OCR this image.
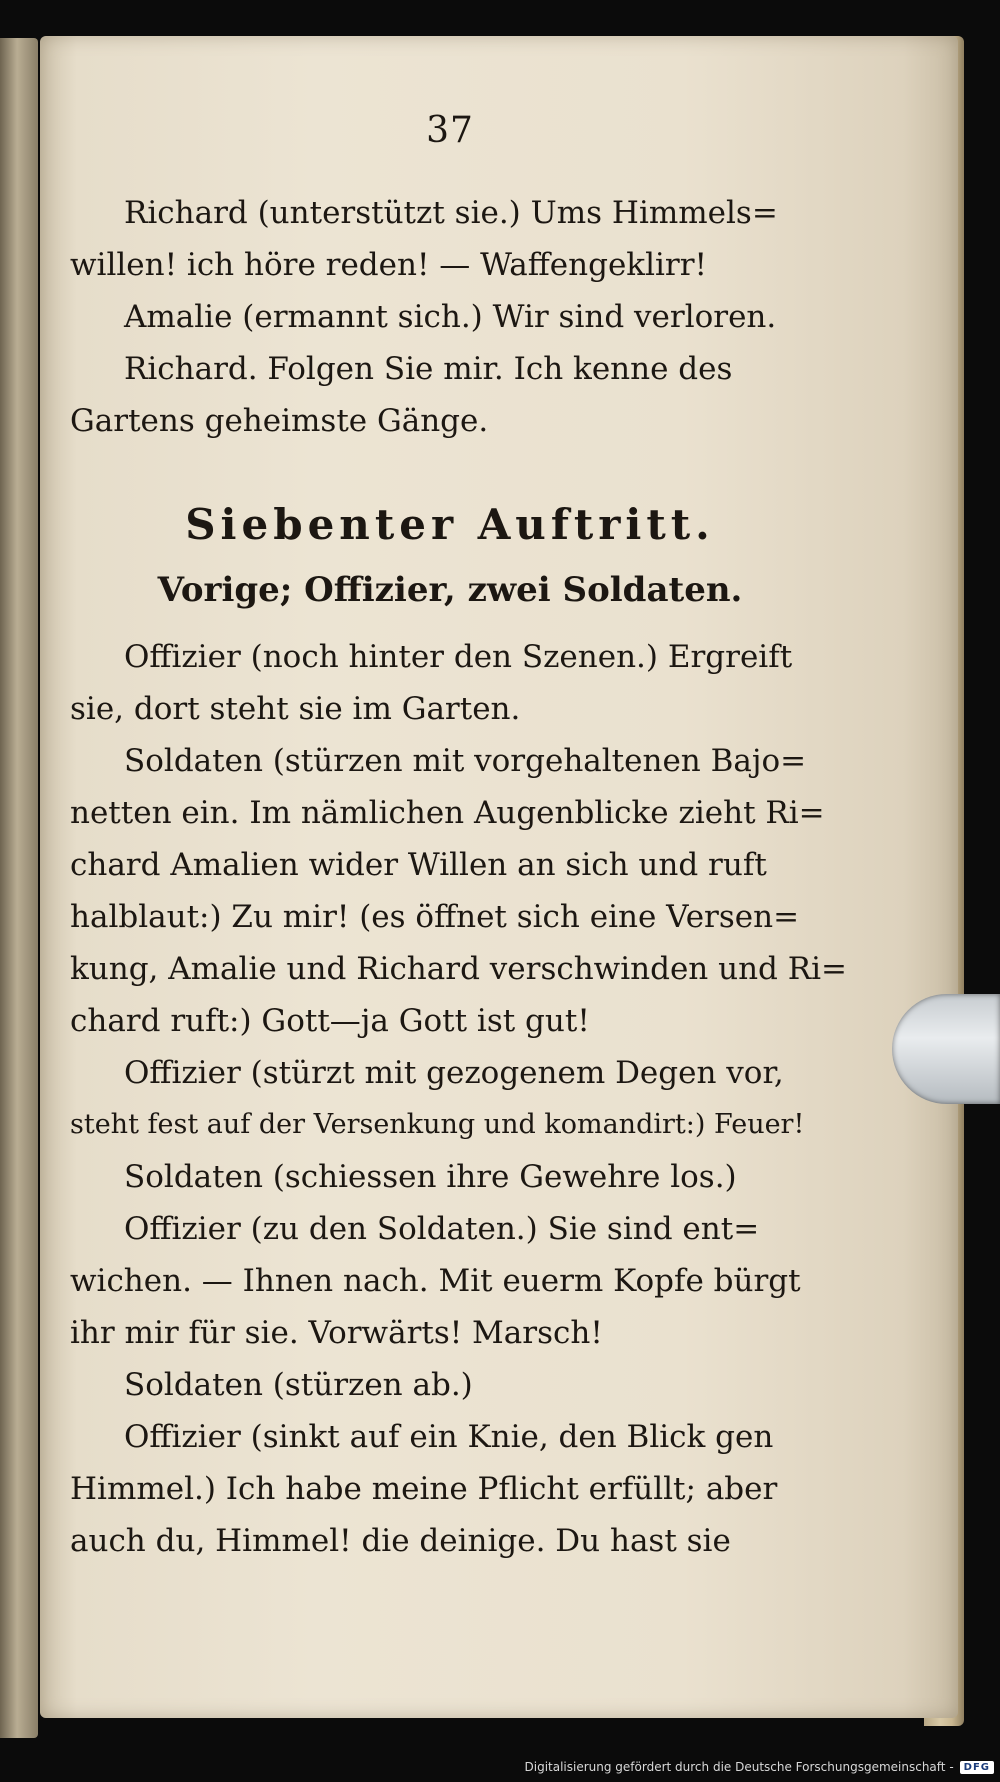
37

Richard (unterstützt sie.) Ums Himmels=

willen! ich höre reden! — Waffengeklirr!

Amalie (ermannt sich.) Wir sind verloren.

Richard. Folgen Sie mir. Ich kenne des

Gartens geheimste Gänge.

Siebenter Auftritt.
Vorige; Offizier, zwei Soldaten.

Offizier (noch hinter den Szenen.) Ergreift

sie, dort steht sie im Garten.

Soldaten (stürzen mit vorgehaltenen Bajo=

netten ein. Im nämlichen Augenblicke zieht Ri=

chard Amalien wider Willen an sich und ruft

halblaut:) Zu mir! (es öffnet sich eine Versen=

kung, Amalie und Richard verschwinden und Ri=

chard ruft:) Gott—ja Gott ist gut!

Offizier (stürzt mit gezogenem Degen vor,

steht fest auf der Versenkung und komandirt:) Feuer!

Soldaten (schiessen ihre Gewehre los.)

Offizier (zu den Soldaten.) Sie sind ent=

wichen. — Ihnen nach. Mit euerm Kopfe bürgt

ihr mir für sie. Vorwärts! Marsch!

Soldaten (stürzen ab.)

Offizier (sinkt auf ein Knie, den Blick gen

Himmel.) Ich habe meine Pflicht erfüllt; aber

auch du, Himmel! die deinige. Du hast sie

Digitalisierung gefördert durch die Deutsche Forschungsgemeinschaft -	DFG
